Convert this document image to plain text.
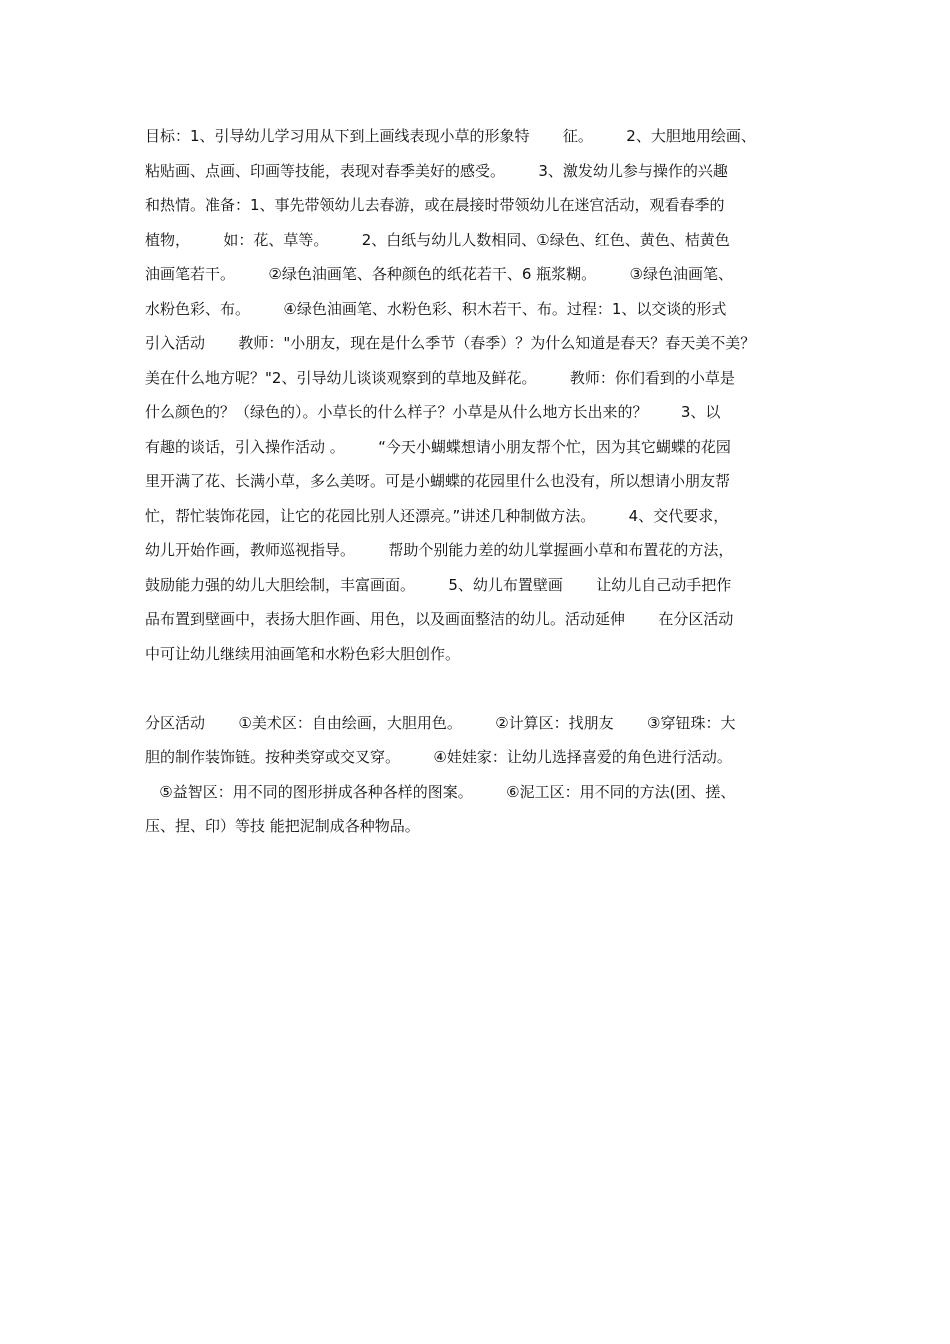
目标：1、引导幼儿学习用从下到上画线表现小草的形象特       征。       2、大胆地用绘画、
粘贴画、点画、印画等技能，表现对春季美好的感受。       3、激发幼儿参与操作的兴趣
和热情。准备：1、事先带领幼儿去春游，或在晨接时带领幼儿在迷宫活动，观看春季的
植物，       如：花、草等。       2、白纸与幼儿人数相同、①绿色、红色、黄色、桔黄色
油画笔若干。       ②绿色油画笔、各种颜色的纸花若干、6 瓶浆糊。       ③绿色油画笔、
水粉色彩、布。       ④绿色油画笔、水粉色彩、积木若干、布。过程：1、以交谈的形式
引入活动       教师："小朋友，现在是什么季节（春季）？为什么知道是春天？春天美不美？
美在什么地方呢？"2、引导幼儿谈谈观察到的草地及鲜花。       教师：你们看到的小草是
什么颜色的？（绿色的）。小草长的什么样子？小草是从什么地方长出来的？       3、以
有趣的谈话，引入操作活动 。       “今天小蝴蝶想请小朋友帮个忙，因为其它蝴蝶的花园
里开满了花、长满小草，多么美呀。可是小蝴蝶的花园里什么也没有，所以想请小朋友帮
忙，帮忙装饰花园，让它的花园比别人还漂亮。”讲述几种制做方法。       4、交代要求，
幼儿开始作画，教师巡视指导。       帮助个别能力差的幼儿掌握画小草和布置花的方法，
鼓励能力强的幼儿大胆绘制，丰富画面。       5、幼儿布置壁画       让幼儿自己动手把作
品布置到壁画中，表扬大胆作画、用色，以及画面整洁的幼儿。活动延伸       在分区活动
中可让幼儿继续用油画笔和水粉色彩大胆创作。
分区活动       ①美术区：自由绘画，大胆用色。       ②计算区：找朋友       ③穿钮珠：大
胆的制作装饰链。按种类穿或交叉穿。       ④娃娃家：让幼儿选择喜爱的角色进行活动。
⑤益智区：用不同的图形拼成各种各样的图案。       ⑥泥工区：用不同的方法(团、搓、
压、捏、印）等技 能把泥制成各种物品。
